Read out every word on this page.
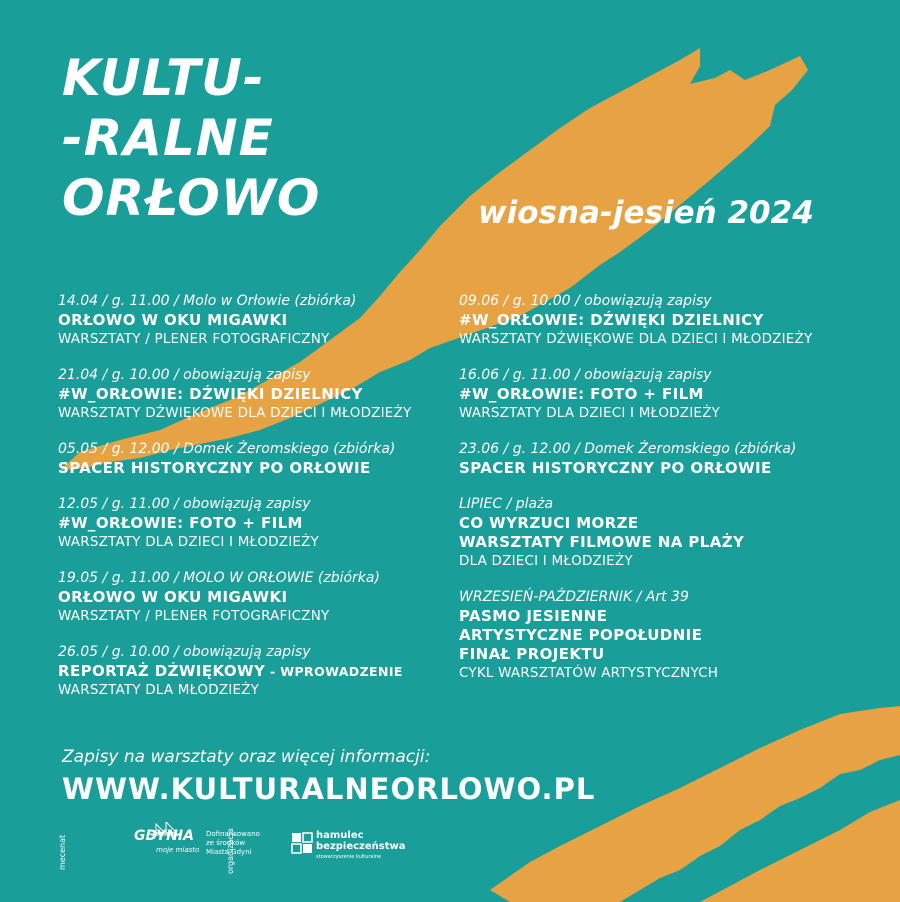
KULTU-
-RALNE
ORŁOWO	wiosna-jesień 2024
14.04 / g. 11.00 / Molo w Orłowie (zbiórka)
ORŁOWO W OKU MIGAWKI
WARSZTATY / PLENER FOTOGRAFICZNY
21.04 / g. 10.00 / obowiązują zapisy
#W_ORŁOWIE: DŹWIĘKI DZIELNICY
WARSZTATY DŹWIĘKOWE DLA DZIECI I MŁODZIEŻY
05.05 / g. 12.00 / Domek Żeromskiego (zbiórka)
SPACER HISTORYCZNY PO ORŁOWIE
12.05 / g. 11.00 / obowiązują zapisy
#W_ORŁOWIE: FOTO + FILM
WARSZTATY DLA DZIECI I MŁODZIEŻY
19.05 / g. 11.00 / MOLO W ORŁOWIE (zbiórka)
ORŁOWO W OKU MIGAWKI
WARSZTATY / PLENER FOTOGRAFICZNY
26.05 / g. 10.00 / obowiązują zapisy
REPORTAŻ DŹWIĘKOWY - WPROWADZENIE
WARSZTATY DLA MŁODZIEŻY
09.06 / g. 10.00 / obowiązują zapisy
#W_ORŁOWIE: DŹWIĘKI DZIELNICY
WARSZTATY DŹWIĘKOWE DLA DZIECI I MŁODZIEŻY
16.06 / g. 11.00 / obowiązują zapisy
#W_ORŁOWIE: FOTO + FILM
WARSZTATY DLA DZIECI I MŁODZIEŻY
23.06 / g. 12.00 / Domek Żeromskiego (zbiórka)
SPACER HISTORYCZNY PO ORŁOWIE
LIPIEC / plaża
CO WYRZUCI MORZE
WARSZTATY FILMOWE NA PLAŻY
DLA DZIECI I MŁODZIEŻY
WRZESIEŃ-PAŹDZIERNIK / Art 39
PASMO JESIENNE
ARTYSTYCZNE POPOŁUDNIE
FINAŁ PROJEKTU
CYKL WARSZTATÓW ARTYSTYCZNYCH
Zapisy na warsztaty oraz więcej informacji:
WWW.KULTURALNEORLOWO.PL
mecenat	GDYNIA
moje miasto
Dofinansowano
ze środków
Miasta Gdyni
organizacja	hamulec
bezpieczeństwa
stowarzyszenie kulturalne
